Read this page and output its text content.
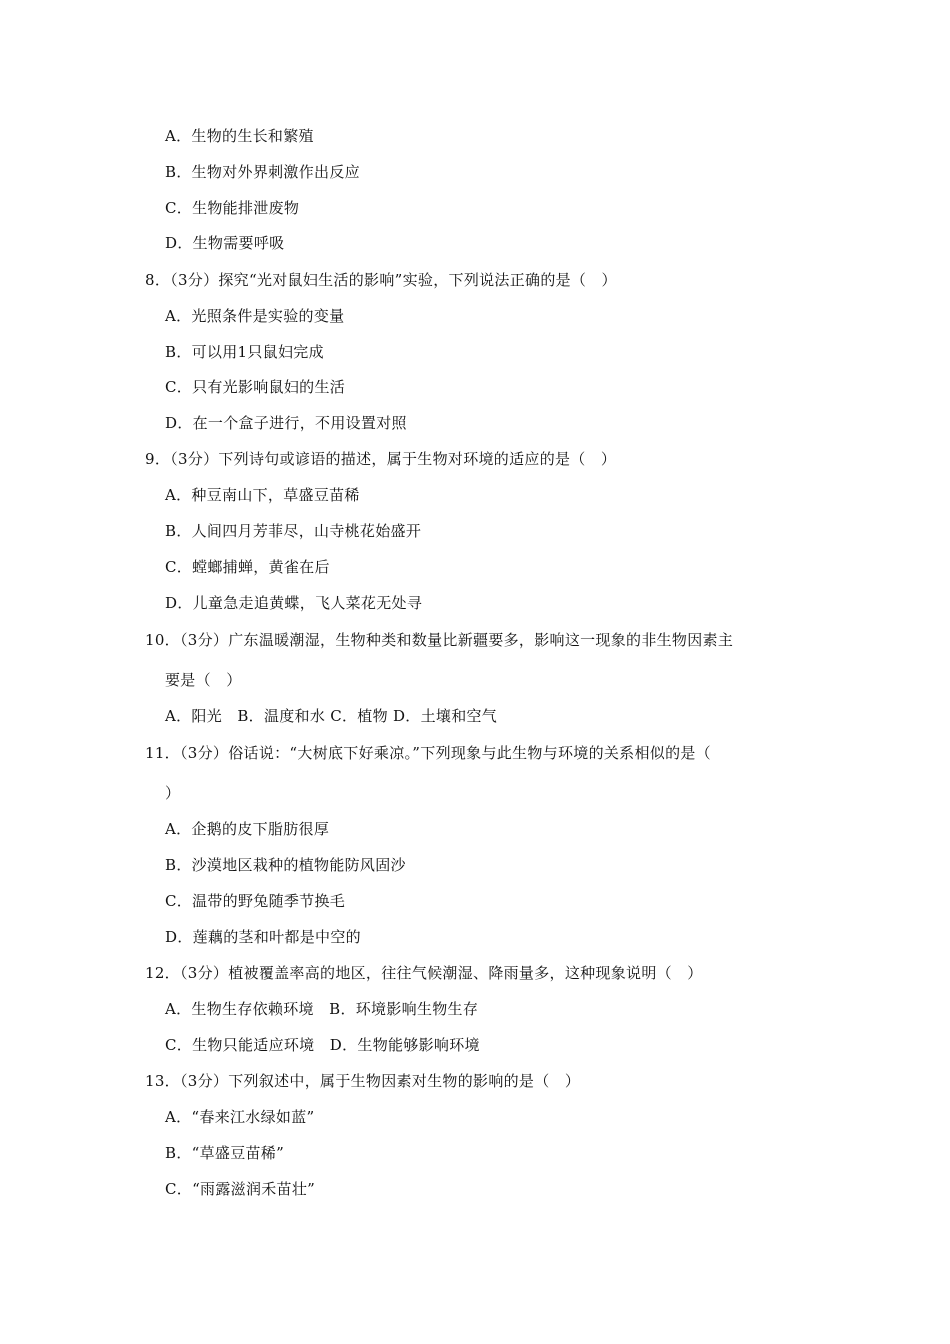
A．生物的生长和繁殖
B．生物对外界刺激作出反应
C．生物能排泄废物
D．生物需要呼吸
8．（3分）探究“光对鼠妇生活的影响”实验，下列说法正确的是（　）
A．光照条件是实验的变量
B．可以用1只鼠妇完成
C．只有光影响鼠妇的生活
D．在一个盒子进行，不用设置对照
9．（3分）下列诗句或谚语的描述，属于生物对环境的适应的是（　）
A．种豆南山下，草盛豆苗稀
B．人间四月芳菲尽，山寺桃花始盛开
C．螳螂捕蝉，黄雀在后
D．儿童急走追黄蝶，飞人菜花无处寻
10．（3分）广东温暖潮湿，生物种类和数量比新疆要多，影响这一现象的非生物因素主
要是（　）
A．阳光　B．温度和水 C．植物 D．土壤和空气
11．（3分）俗话说：“大树底下好乘凉。”下列现象与此生物与环境的关系相似的是（
）
A．企鹅的皮下脂肪很厚
B．沙漠地区栽种的植物能防风固沙
C．温带的野兔随季节换毛
D．莲藕的茎和叶都是中空的
12．（3分）植被覆盖率高的地区，往往气候潮湿、降雨量多，这种现象说明（　）
A．生物生存依赖环境　B．环境影响生物生存
C．生物只能适应环境　D．生物能够影响环境
13．（3分）下列叙述中，属于生物因素对生物的影响的是（　）
A．“春来江水绿如蓝”
B．“草盛豆苗稀”
C．“雨露滋润禾苗壮”
